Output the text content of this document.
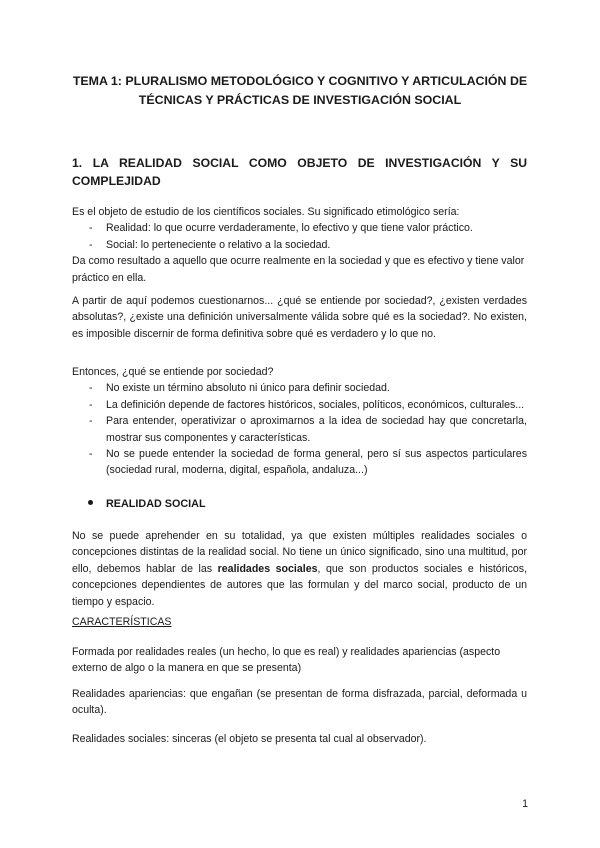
TEMA 1: PLURALISMO METODOLÓGICO Y COGNITIVO Y ARTICULACIÓN DE TÉCNICAS Y PRÁCTICAS DE INVESTIGACIÓN SOCIAL
1. LA REALIDAD SOCIAL COMO OBJETO DE INVESTIGACIÓN Y SU COMPLEJIDAD
Es el objeto de estudio de los científicos sociales. Su significado etimológico sería:
- Realidad: lo que ocurre verdaderamente, lo efectivo y que tiene valor práctico.
- Social: lo perteneciente o relativo a la sociedad.
Da como resultado a aquello que ocurre realmente en la sociedad y que es efectivo y tiene valor práctico en ella.
A partir de aquí podemos cuestionarnos... ¿qué se entiende por sociedad?, ¿existen verdades absolutas?, ¿existe una definición universalmente válida sobre qué es la sociedad?. No existen, es imposible discernir de forma definitiva sobre qué es verdadero y lo que no.
Entonces, ¿qué se entiende por sociedad?
- No existe un término absoluto ni único para definir sociedad.
- La definición depende de factores históricos, sociales, políticos, económicos, culturales...
- Para entender, operativizar o aproximarnos a la idea de sociedad hay que concretarla, mostrar sus componentes y características.
- No se puede entender la sociedad de forma general, pero sí sus aspectos particulares (sociedad rural, moderna, digital, española, andaluza...)
REALIDAD SOCIAL
No se puede aprehender en su totalidad, ya que existen múltiples realidades sociales o concepciones distintas de la realidad social. No tiene un único significado, sino una multitud, por ello, debemos hablar de las realidades sociales, que son productos sociales e históricos, concepciones dependientes de autores que las formulan y del marco social, producto de un tiempo y espacio.
CARACTERÍSTICAS
Formada por realidades reales (un hecho, lo que es real) y realidades apariencias (aspecto externo de algo o la manera en que se presenta)
Realidades apariencias: que engañan (se presentan de forma disfrazada, parcial, deformada u oculta).
Realidades sociales: sinceras (el objeto se presenta tal cual al observador).
1
